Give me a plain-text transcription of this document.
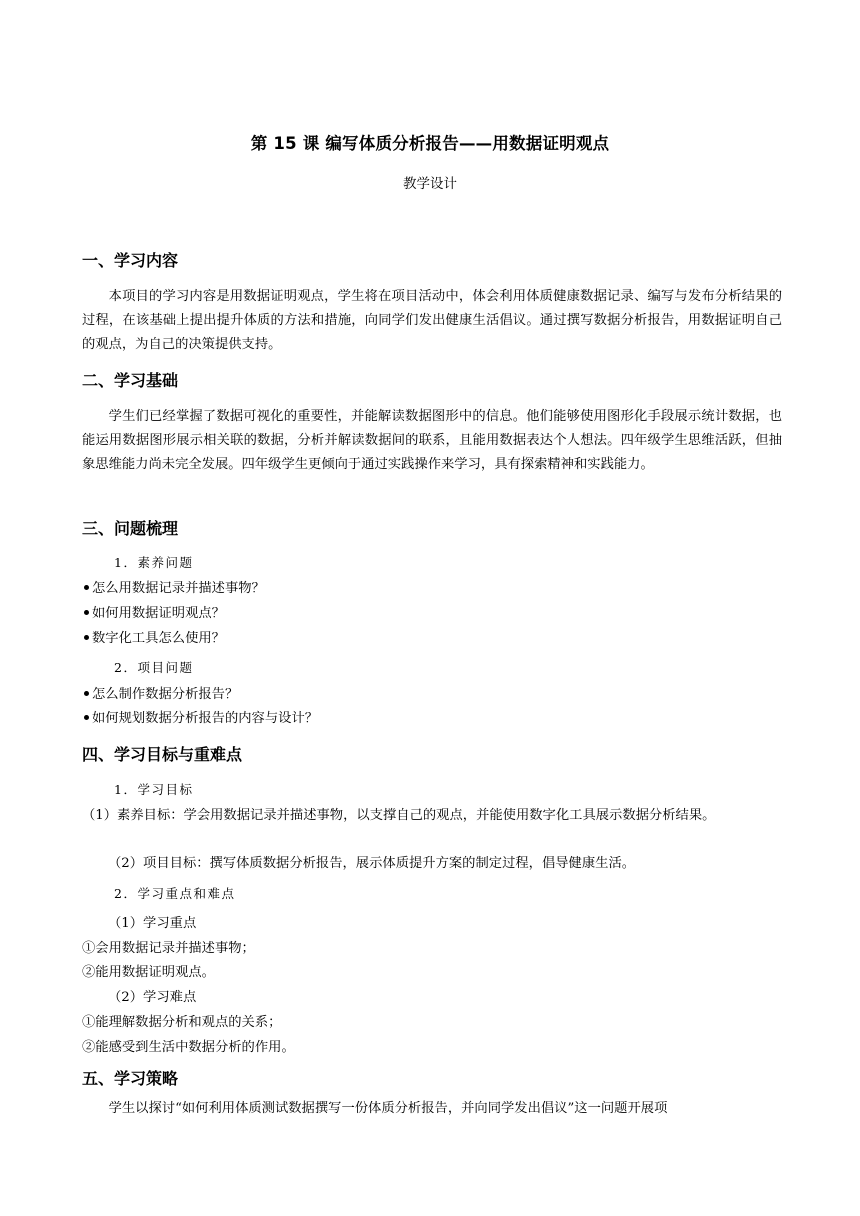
第 15 课 编写体质分析报告——用数据证明观点
教学设计
一、学习内容
本项目的学习内容是用数据证明观点，学生将在项目活动中，体会利用体质健康数据记录、编写与发布分析结果的过程，在该基础上提出提升体质的方法和措施，向同学们发出健康生活倡议。通过撰写数据分析报告，用数据证明自己的观点，为自己的决策提供支持。
二、学习基础
学生们已经掌握了数据可视化的重要性，并能解读数据图形中的信息。他们能够使用图形化手段展示统计数据，也能运用数据图形展示相关联的数据，分析并解读数据间的联系，且能用数据表达个人想法。四年级学生思维活跃，但抽象思维能力尚未完全发展。四年级学生更倾向于通过实践操作来学习，具有探索精神和实践能力。
三、问题梳理
1．素养问题
怎么用数据记录并描述事物？
如何用数据证明观点？
数字化工具怎么使用？
2．项目问题
怎么制作数据分析报告？
如何规划数据分析报告的内容与设计？
四、学习目标与重难点
1．学习目标
（1）素养目标：学会用数据记录并描述事物，以支撑自己的观点，并能使用数字化工具展示数据分析结果。
（2）项目目标：撰写体质数据分析报告，展示体质提升方案的制定过程，倡导健康生活。
2．学习重点和难点
（1）学习重点
①会用数据记录并描述事物；
②能用数据证明观点。
（2）学习难点
①能理解数据分析和观点的关系；
②能感受到生活中数据分析的作用。
五、学习策略
学生以探讨“如何利用体质测试数据撰写一份体质分析报告，并向同学发出倡议”这一问题开展项
